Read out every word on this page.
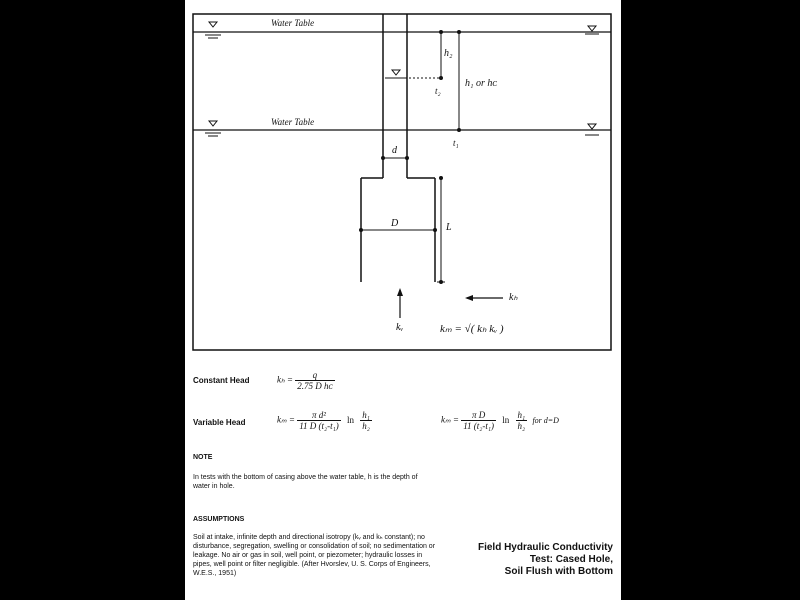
Water Table
Water Table
h₂
t₂
h₁ or hᴄ
t₁
d
D	L
kₕ
kᵥ	kₘ = √( kₕ kᵥ )
Constant Head	$k_h = \frac{q}{\text{2.75 D hᴄ}}$
Variable Head	$k_m = \frac{\text{π d²}}{\text{11 D (t₂-t₁)}}$ $\ln \frac{\text{h₁}}{\text{h₂}}$	$k_m = \frac{\text{π D}}{\text{11 (t₂-t₁)}}$ $\ln \frac{\text{h₁}}{\text{h₂}}$ for d=D
NOTE
In tests with the bottom of casing above the water table, h is the depth of water in hole.
ASSUMPTIONS
Soil at intake, infinite depth and directional isotropy (kᵥ and kₕ constant); no disturbance, segregation, swelling or consolidation of soil; no sedimentation or leakage. No air or gas in soil, well point, or piezometer; hydraulic losses in pipes, well point or filter negligible. (After Hvorslev, U. S. Corps of Engineers, W.E.S., 1951)
Field Hydraulic Conductivity
Test: Cased Hole,
Soil Flush with Bottom
